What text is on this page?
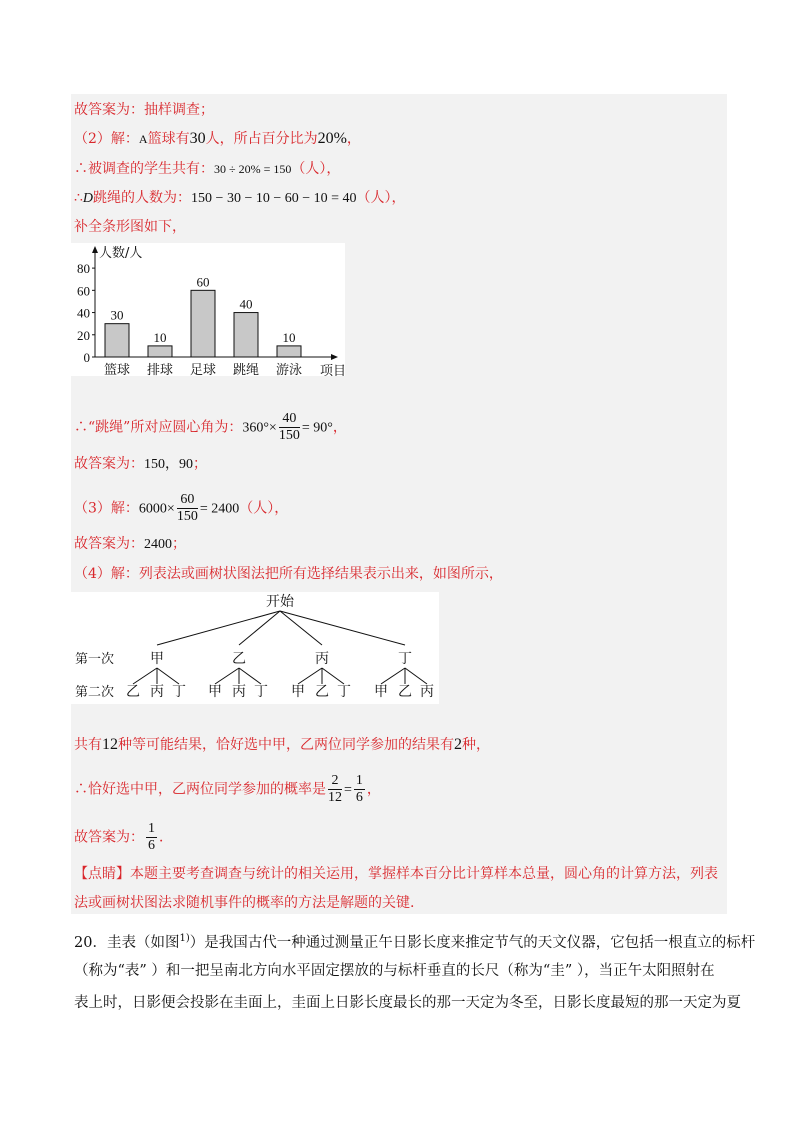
故答案为：抽样调查；
（2）解：A篮球有30人，所占百分比为20%，
∴被调查的学生共有：30 ÷ 20% = 150（人），
∴D跳绳的人数为：150 − 30 − 10 − 60 − 10 = 40（人），
补全条形图如下，
人数/人
0
20
40
60
80
30
篮球
10
排球
60
足球
40
跳绳
10
游泳 项目
∴“跳绳”所对应圆心角为：$360^\circ\times \frac{40}{150} = 90^\circ$，
故答案为：150，90；
（3）解：$6000\times \frac{60}{150} = 2400$（人），
故答案为：2400；
（4）解：列表法或画树状图法把所有选择结果表示出来，如图所示，
开始
第一次	甲	乙	丙	丁
第二次 乙 丙 丁 甲 丙 丁 甲 乙 丁 甲 乙 丙
共有12种等可能结果，恰好选中甲，乙两位同学参加的结果有2种，
∴恰好选中甲，乙两位同学参加的概率是 $\frac{2}{12} = \frac{1}{6}$ ，
故答案为： $\frac{1}{6}$ ．
【点睛】本题主要考查调查与统计的相关运用，掌握样本百分比计算样本总量，圆心角的计算方法，列表
法或画树状图法求随机事件的概率的方法是解题的关键.
20．圭表（如图$^{1)}$）是我国古代一种通过测量正午日影长度来推定节气的天文仪器，它包括一根直立的标杆
（称为“表” ）和一把呈南北方向水平固定摆放的与标杆垂直的长尺（称为“圭” ），当正午太阳照射在
表上时，日影便会投影在圭面上，圭面上日影长度最长的那一天定为冬至，日影长度最短的那一天定为夏
